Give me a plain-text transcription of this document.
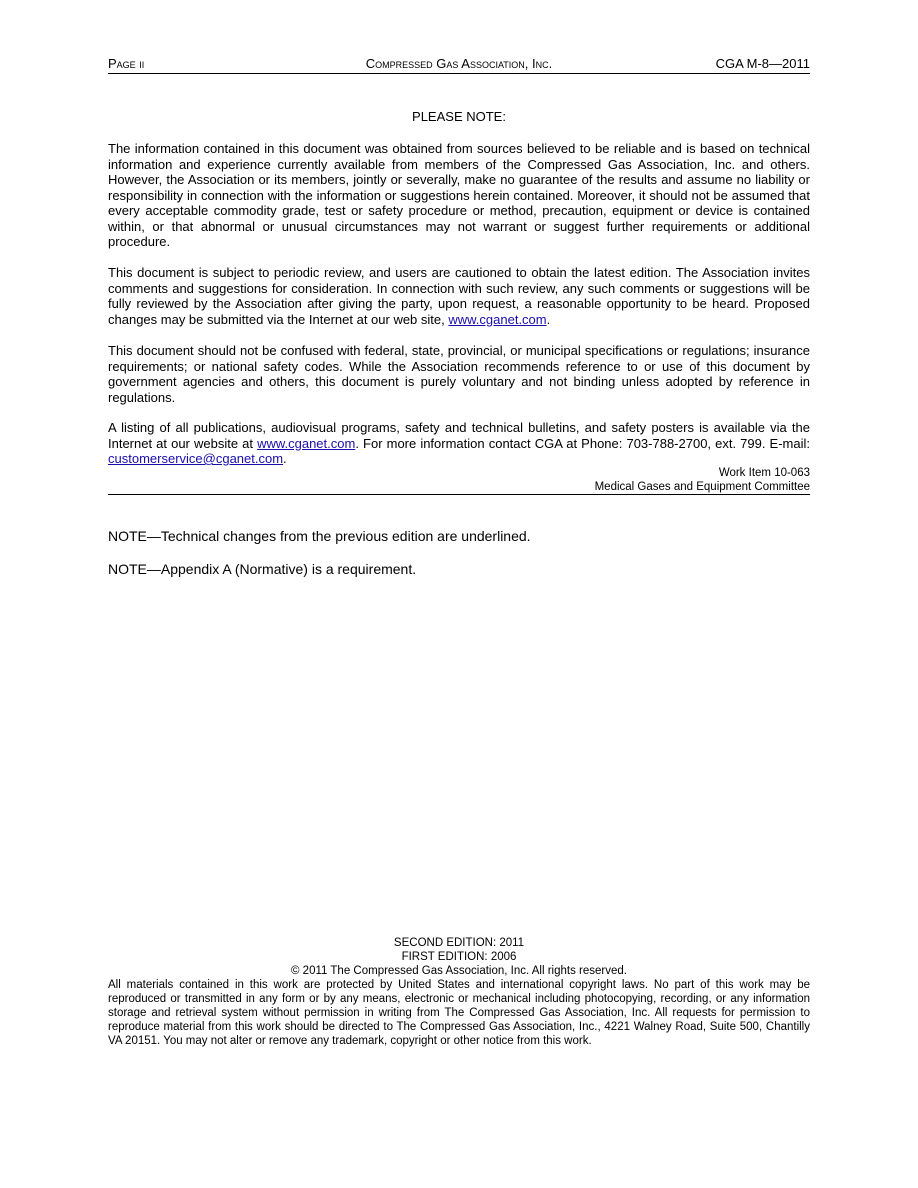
Page ii	Compressed Gas Association, Inc.	CGA M-8—2011
PLEASE NOTE:

The information contained in this document was obtained from sources believed to be reliable and is based on technical information and experience currently available from members of the Compressed Gas Association, Inc. and others. However, the Association or its members, jointly or severally, make no guarantee of the results and assume no liability or responsibility in connection with the information or suggestions herein contained. Moreover, it should not be assumed that every acceptable commodity grade, test or safety procedure or method, precaution, equipment or device is contained within, or that abnormal or unusual circumstances may not warrant or suggest further requirements or additional procedure.

This document is subject to periodic review, and users are cautioned to obtain the latest edition. The Association invites comments and suggestions for consideration. In connection with such review, any such comments or suggestions will be fully reviewed by the Association after giving the party, upon request, a reasonable opportunity to be heard. Proposed changes may be submitted via the Internet at our web site, www.cganet.com.

This document should not be confused with federal, state, provincial, or municipal specifications or regulations; insurance requirements; or national safety codes. While the Association recommends reference to or use of this document by government agencies and others, this document is purely voluntary and not binding unless adopted by reference in regulations.

A listing of all publications, audiovisual programs, safety and technical bulletins, and safety posters is available via the Internet at our website at www.cganet.com. For more information contact CGA at Phone: 703-788-2700, ext. 799. E-mail: customerservice@cganet.com.

Work Item 10-063
Medical Gases and Equipment Committee
NOTE—Technical changes from the previous edition are underlined.
NOTE—Appendix A (Normative) is a requirement.
SECOND EDITION: 2011
FIRST EDITION: 2006
© 2011 The Compressed Gas Association, Inc. All rights reserved.

All materials contained in this work are protected by United States and international copyright laws. No part of this work may be reproduced or transmitted in any form or by any means, electronic or mechanical including photocopying, recording, or any information storage and retrieval system without permission in writing from The Compressed Gas Association, Inc. All requests for permission to reproduce material from this work should be directed to The Compressed Gas Association, Inc., 4221 Walney Road, Suite 500, Chantilly VA 20151. You may not alter or remove any trademark, copyright or other notice from this work.
